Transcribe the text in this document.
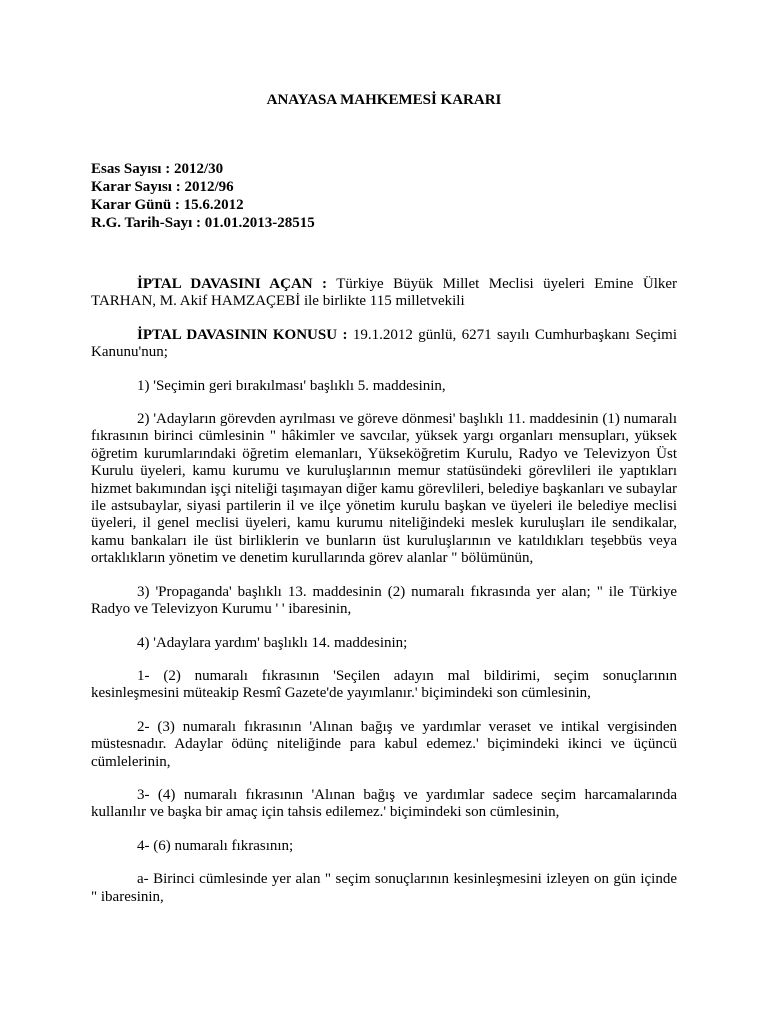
ANAYASA MAHKEMESİ KARARI
Esas Sayısı : 2012/30
Karar Sayısı : 2012/96
Karar Günü : 15.6.2012
R.G. Tarih-Sayı : 01.01.2013-28515

İPTAL DAVASINI AÇAN : Türkiye Büyük Millet Meclisi üyeleri Emine Ülker TARHAN, M. Akif HAMZAÇEBİ ile birlikte 115 milletvekili

İPTAL DAVASININ KONUSU : 19.1.2012 günlü, 6271 sayılı Cumhurbaşkanı Seçimi Kanunu'nun;

1) 'Seçimin geri bırakılması' başlıklı 5. maddesinin,

2) 'Adayların görevden ayrılması ve göreve dönmesi' başlıklı 11. maddesinin (1) numaralı fıkrasının birinci cümlesinin " hâkimler ve savcılar, yüksek yargı organları mensupları, yüksek öğretim kurumlarındaki öğretim elemanları, Yükseköğretim Kurulu, Radyo ve Televizyon Üst Kurulu üyeleri, kamu kurumu ve kuruluşlarının memur statüsündeki görevlileri ile yaptıkları hizmet bakımından işçi niteliği taşımayan diğer kamu görevlileri, belediye başkanları ve subaylar ile astsubaylar, siyasi partilerin il ve ilçe yönetim kurulu başkan ve üyeleri ile belediye meclisi üyeleri, il genel meclisi üyeleri, kamu kurumu niteliğindeki meslek kuruluşları ile sendikalar, kamu bankaları ile üst birliklerin ve bunların üst kuruluşlarının ve katıldıkları teşebbüs veya ortaklıkların yönetim ve denetim kurullarında görev alanlar " bölümünün,

3) 'Propaganda' başlıklı 13. maddesinin (2) numaralı fıkrasında yer alan; " ile Türkiye Radyo ve Televizyon Kurumu ' ' ibaresinin,

4) 'Adaylara yardım' başlıklı 14. maddesinin;

1- (2) numaralı fıkrasının 'Seçilen adayın mal bildirimi, seçim sonuçlarının kesinleşmesini müteakip Resmî Gazete'de yayımlanır.' biçimindeki son cümlesinin,

2- (3) numaralı fıkrasının 'Alınan bağış ve yardımlar veraset ve intikal vergisinden müstesnadır. Adaylar ödünç niteliğinde para kabul edemez.' biçimindeki ikinci ve üçüncü cümlelerinin,

3- (4) numaralı fıkrasının 'Alınan bağış ve yardımlar sadece seçim harcamalarında kullanılır ve başka bir amaç için tahsis edilemez.' biçimindeki son cümlesinin,

4- (6) numaralı fıkrasının;

a- Birinci cümlesinde yer alan " seçim sonuçlarının kesinleşmesini izleyen on gün içinde " ibaresinin,
